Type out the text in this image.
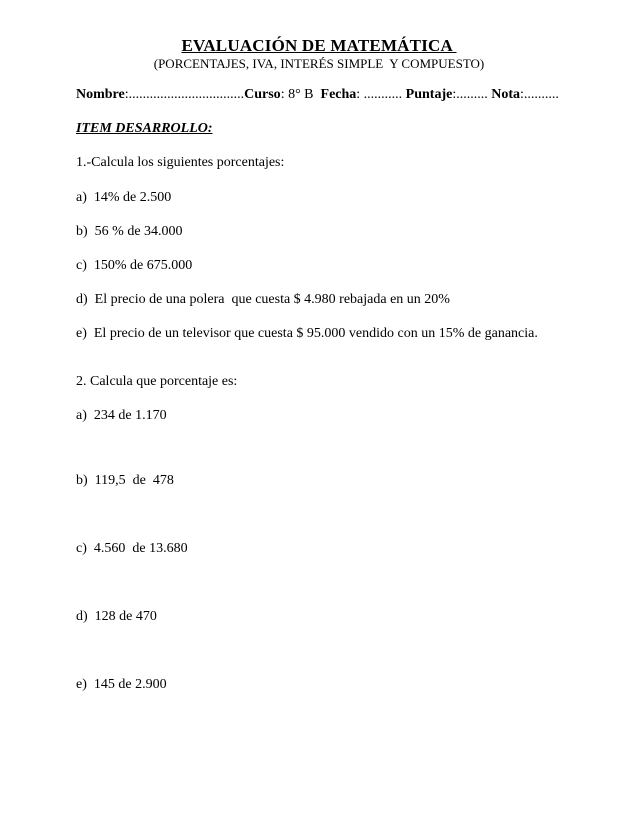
EVALUACIÓN DE MATEMÁTICA
(PORCENTAJES, IVA, INTERÉS SIMPLE  Y COMPUESTO)
Nombre:.................................Curso: 8° B  Fecha: ........... Puntaje:......... Nota:..........
ITEM DESARROLLO:
1.-Calcula los siguientes porcentajes:
a)  14% de 2.500
b)  56 % de 34.000
c)  150% de 675.000
d)  El precio de una polera  que cuesta $ 4.980 rebajada en un 20%
e)  El precio de un televisor que cuesta $ 95.000 vendido con un 15% de ganancia.
2. Calcula que porcentaje es:
a)  234 de 1.170
b)  119,5  de  478
c)  4.560  de 13.680
d)  128 de 470
e)  145 de 2.900
